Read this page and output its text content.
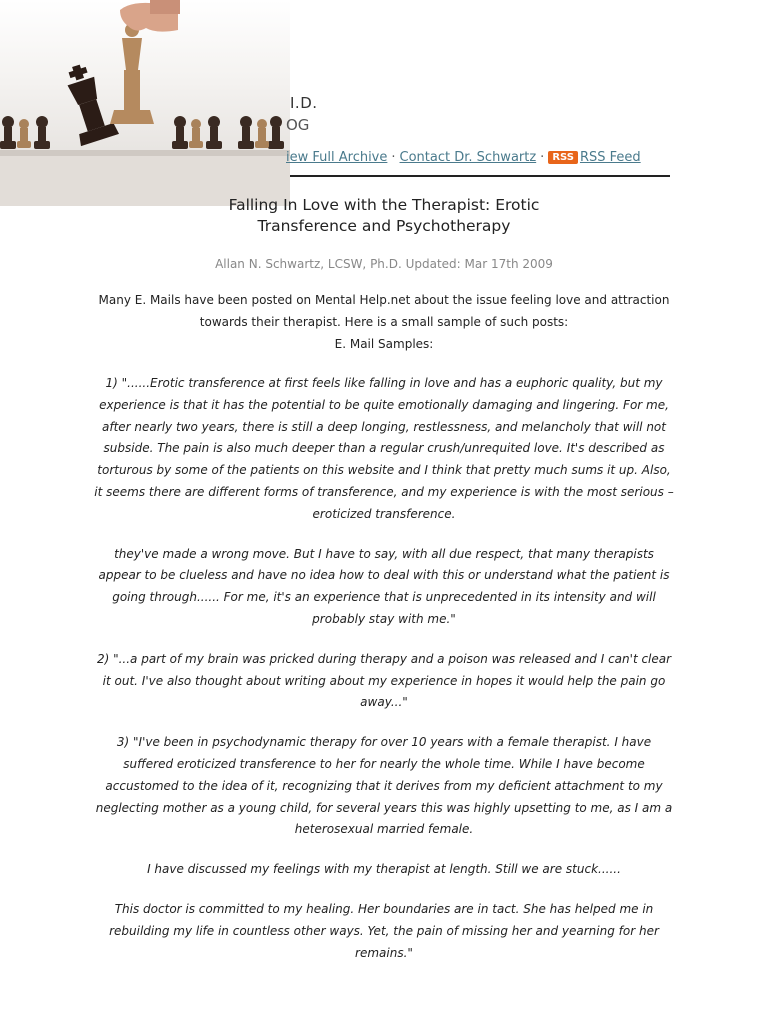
I.D.
OG
iew Full Archive · Contact Dr. Schwartz · RSS RSS Feed
Falling In Love with the Therapist: Erotic
Transference and Psychotherapy

Allan N. Schwartz, LCSW, Ph.D. Updated: Mar 17th 2009

Many E. Mails have been posted on Mental Help.net about the issue feeling love and attraction
towards their therapist. Here is a small sample of such posts:
E. Mail Samples:

1) "......Erotic transference at first feels like falling in love and has a euphoric quality, but my experience is that it has the potential to be quite emotionally damaging and lingering. For me, after nearly two years, there is still a deep longing, restlessness, and melancholy that will not subside. The pain is also much deeper than a regular crush/unrequited love. It's described as torturous by some of the patients on this website and I think that pretty much sums it up. Also, it seems there are different forms of transference, and my experience is with the most serious – eroticized transference.

they've made a wrong move. But I have to say, with all due respect, that many therapists appear to be clueless and have no idea how to deal with this or understand what the patient is going through...... For me, it's an experience that is unprecedented in its intensity and will probably stay with me."

2) "...a part of my brain was pricked during therapy and a poison was released and I can't clear it out. I've also thought about writing about my experience in hopes it would help the pain go away..."

3) "I've been in psychodynamic therapy for over 10 years with a female therapist. I have suffered eroticized transference to her for nearly the whole time. While I have become accustomed to the idea of it, recognizing that it derives from my deficient attachment to my neglecting mother as a young child, for several years this was highly upsetting to me, as I am a heterosexual married female.

I have discussed my feelings with my therapist at length. Still we are stuck......

This doctor is committed to my healing. Her boundaries are in tact. She has helped me in rebuilding my life in countless other ways. Yet, the pain of missing her and yearning for her remains."
